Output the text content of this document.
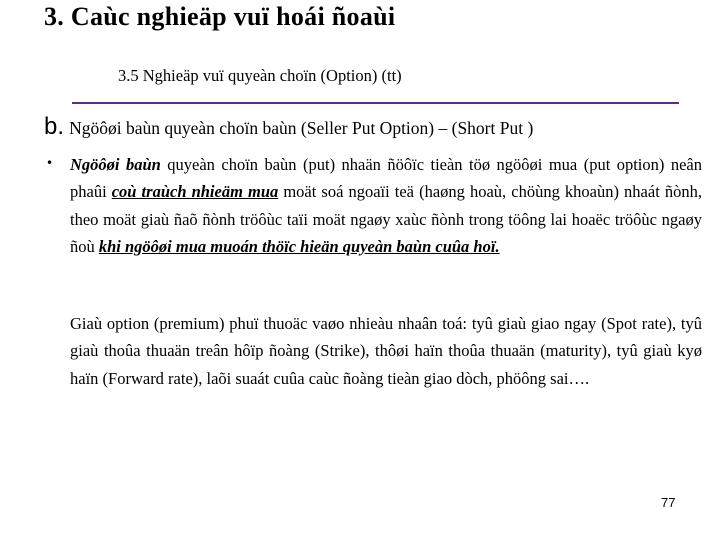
3. Caùc nghieäp vuï hoái ñoaùi
3.5 Nghieäp vuï quyeàn choïn (Option) (tt)
b. Ngöôøi baùn quyeàn choïn baùn (Seller Put Option) – (Short Put )
• Ngöôøi baùn quyeàn choïn baùn (put) nhaän ñöôïc tieàn töø ngöôøi mua (put option) neân phaûi coù traùch nhieäm mua moät soá ngoaïi teä (haøng hoaù, chöùng khoaùn) nhaát ñònh, theo moät giaù ñaõ ñònh tröôùc taïi moät ngaøy xaùc ñònh trong töông lai hoaëc tröôùc ngaøy ñoù khi ngöôøi mua muoán thöïc hieän quyeàn baùn cuûa hoï.

Giaù option (premium) phuï thuoäc vaøo nhieàu nhaân toá: tyû giaù giao ngay (Spot rate), tyû giaù thoûa thuaän treân hôïp ñoàng (Strike), thôøi haïn thoûa thuaän (maturity), tyû giaù kyø haïn (Forward rate), laõi suaát cuûa caùc ñoàng tieàn giao dòch, phöông sai….

77
